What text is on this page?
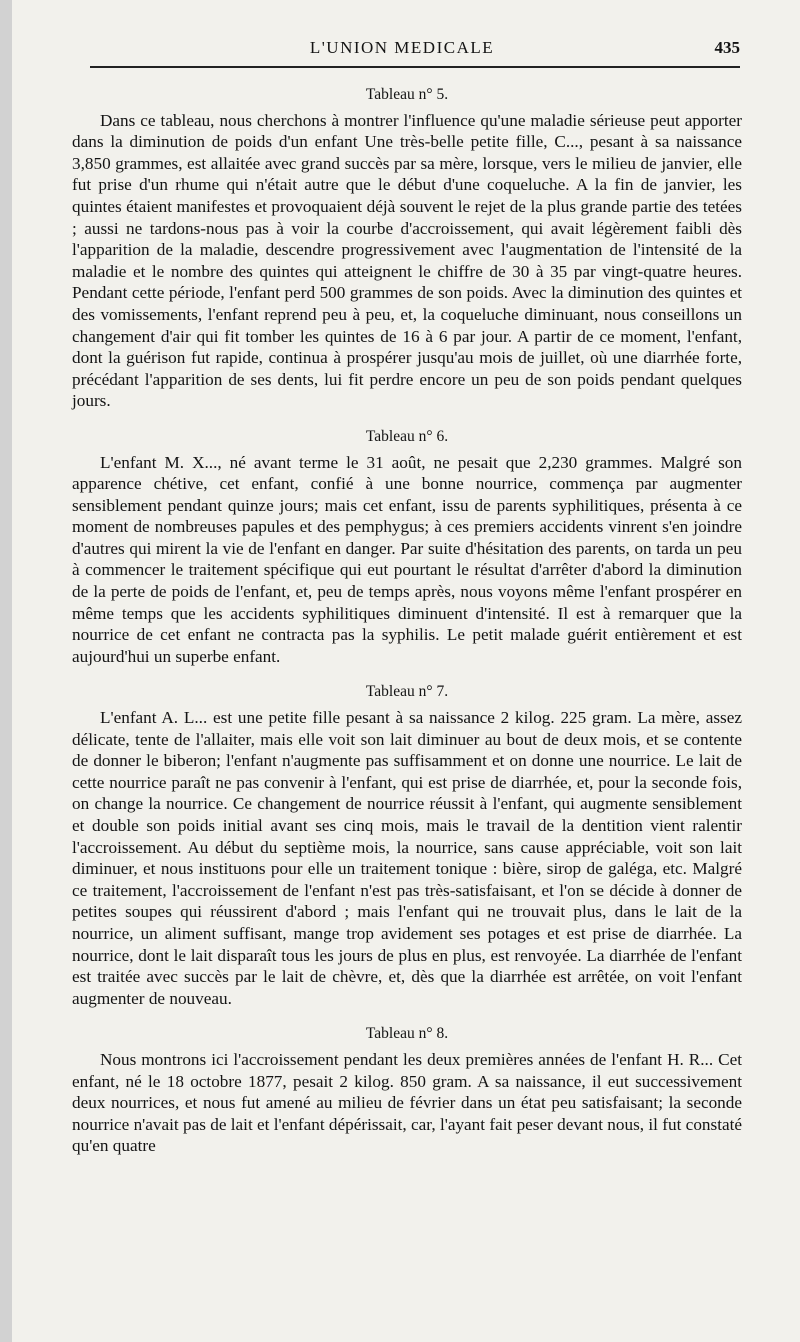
L'UNION MEDICALE	435
Tableau n° 5.

Dans ce tableau, nous cherchons à montrer l'influence qu'une maladie sérieuse peut apporter dans la diminution de poids d'un enfant Une très-belle petite fille, C..., pesant à sa naissance 3,850 grammes, est allaitée avec grand succès par sa mère, lorsque, vers le milieu de janvier, elle fut prise d'un rhume qui n'était autre que le début d'une coqueluche. A la fin de janvier, les quintes étaient manifestes et provoquaient déjà souvent le rejet de la plus grande partie des tetées ; aussi ne tardons-nous pas à voir la courbe d'accroissement, qui avait légèrement faibli dès l'apparition de la maladie, descendre progressivement avec l'augmentation de l'intensité de la maladie et le nombre des quintes qui atteignent le chiffre de 30 à 35 par vingt-quatre heures. Pendant cette période, l'enfant perd 500 grammes de son poids. Avec la diminution des quintes et des vomissements, l'enfant reprend peu à peu, et, la coqueluche diminuant, nous conseillons un changement d'air qui fit tomber les quintes de 16 à 6 par jour. A partir de ce moment, l'enfant, dont la guérison fut rapide, continua à prospérer jusqu'au mois de juillet, où une diarrhée forte, précédant l'apparition de ses dents, lui fit perdre encore un peu de son poids pendant quelques jours.

Tableau n° 6.

L'enfant M. X..., né avant terme le 31 août, ne pesait que 2,230 grammes. Malgré son apparence chétive, cet enfant, confié à une bonne nourrice, commença par augmenter sensiblement pendant quinze jours; mais cet enfant, issu de parents syphilitiques, présenta à ce moment de nombreuses papules et des pemphygus; à ces premiers accidents vinrent s'en joindre d'autres qui mirent la vie de l'enfant en danger. Par suite d'hésitation des parents, on tarda un peu à commencer le traitement spécifique qui eut pourtant le résultat d'arrêter d'abord la diminution de la perte de poids de l'enfant, et, peu de temps après, nous voyons même l'enfant prospérer en même temps que les accidents syphilitiques diminuent d'intensité. Il est à remarquer que la nourrice de cet enfant ne contracta pas la syphilis. Le petit malade guérit entièrement et est aujourd'hui un superbe enfant.

Tableau n° 7.

L'enfant A. L... est une petite fille pesant à sa naissance 2 kilog. 225 gram. La mère, assez délicate, tente de l'allaiter, mais elle voit son lait diminuer au bout de deux mois, et se contente de donner le biberon; l'enfant n'augmente pas suffisamment et on donne une nourrice. Le lait de cette nourrice paraît ne pas convenir à l'enfant, qui est prise de diarrhée, et, pour la seconde fois, on change la nourrice. Ce changement de nourrice réussit à l'enfant, qui augmente sensiblement et double son poids initial avant ses cinq mois, mais le travail de la dentition vient ralentir l'accroissement. Au début du septième mois, la nourrice, sans cause appréciable, voit son lait diminuer, et nous instituons pour elle un traitement tonique : bière, sirop de galéga, etc. Malgré ce traitement, l'accroissement de l'enfant n'est pas très-satisfaisant, et l'on se décide à donner de petites soupes qui réussirent d'abord ; mais l'enfant qui ne trouvait plus, dans le lait de la nourrice, un aliment suffisant, mange trop avidement ses potages et est prise de diarrhée. La nourrice, dont le lait disparaît tous les jours de plus en plus, est renvoyée. La diarrhée de l'enfant est traitée avec succès par le lait de chèvre, et, dès que la diarrhée est arrêtée, on voit l'enfant augmenter de nouveau.

Tableau n° 8.

Nous montrons ici l'accroissement pendant les deux premières années de l'enfant H. R... Cet enfant, né le 18 octobre 1877, pesait 2 kilog. 850 gram. A sa naissance, il eut successivement deux nourrices, et nous fut amené au milieu de février dans un état peu satisfaisant; la seconde nourrice n'avait pas de lait et l'enfant dépérissait, car, l'ayant fait peser devant nous, il fut constaté qu'en quatre
